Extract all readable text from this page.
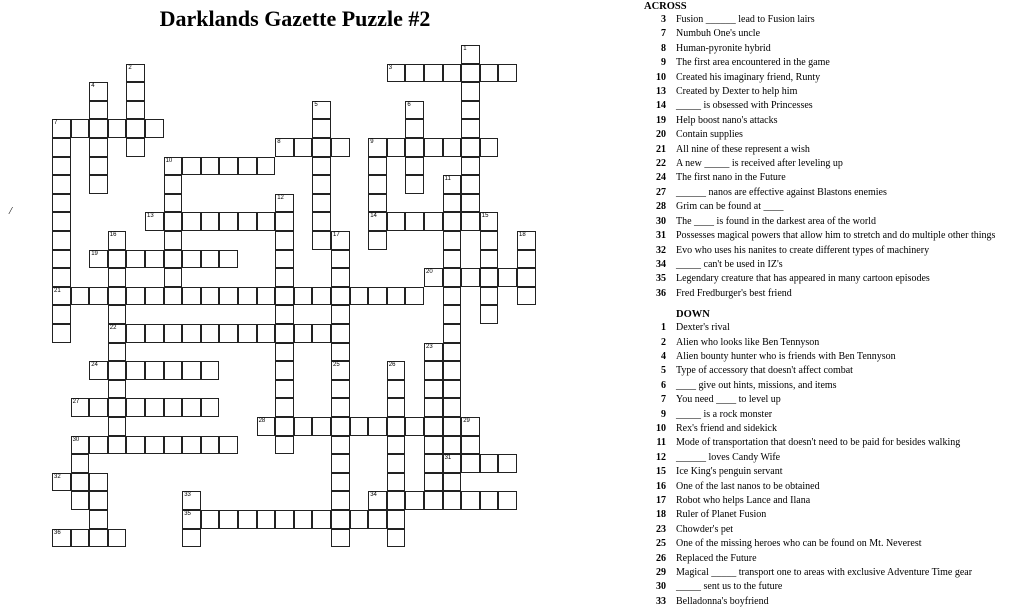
Darklands Gazette Puzzle #2
/
1
2	3
4
5	6
7
21
8	9
14
10
11
31
12
13	15
16
22
17
25
18
19
20
23
24	26
27
28	29
30
32
33
35
34
36
ACROSS
3 Fusion ______ lead to Fusion lairs
7 Numbuh One's uncle
8 Human-pyronite hybrid
9 The first area encountered in the game
10 Created his imaginary friend, Runty
13 Created by Dexter to help him
14 _____ is obsessed with Princesses
19 Help boost nano's attacks
20 Contain supplies
21 All nine of these represent a wish
22 A new _____ is received after leveling up
24 The first nano in the Future
27 ______ nanos are effective against Blastons enemies
28 Grim can be found at ____
30 The ____ is found in the darkest area of the world
31 Possesses magical powers that allow him to stretch and do multiple other things
32 Evo who uses his nanites to create different types of machinery
34 _____ can't be used in IZ's
35 Legendary creature that has appeared in many cartoon episodes
36 Fred Fredburger's best friend
DOWN
1 Dexter's rival
2 Alien who looks like Ben Tennyson
4 Alien bounty hunter who is friends with Ben Tennyson
5 Type of accessory that doesn't affect combat
6 ____ give out hints, missions, and items
7 You need ____ to level up
9 _____ is a rock monster
10 Rex's friend and sidekick
11 Mode of transportation that doesn't need to be paid for besides walking
12 ______ loves Candy Wife
15 Ice King's penguin servant
16 One of the last nanos to be obtained
17 Robot who helps Lance and Ilana
18 Ruler of Planet Fusion
23 Chowder's pet
25 One of the missing heroes who can be found on Mt. Neverest
26 Replaced the Future
29 Magical _____ transport one to areas with exclusive Adventure Time gear
30 _____ sent us to the future
33 Belladonna's boyfriend
